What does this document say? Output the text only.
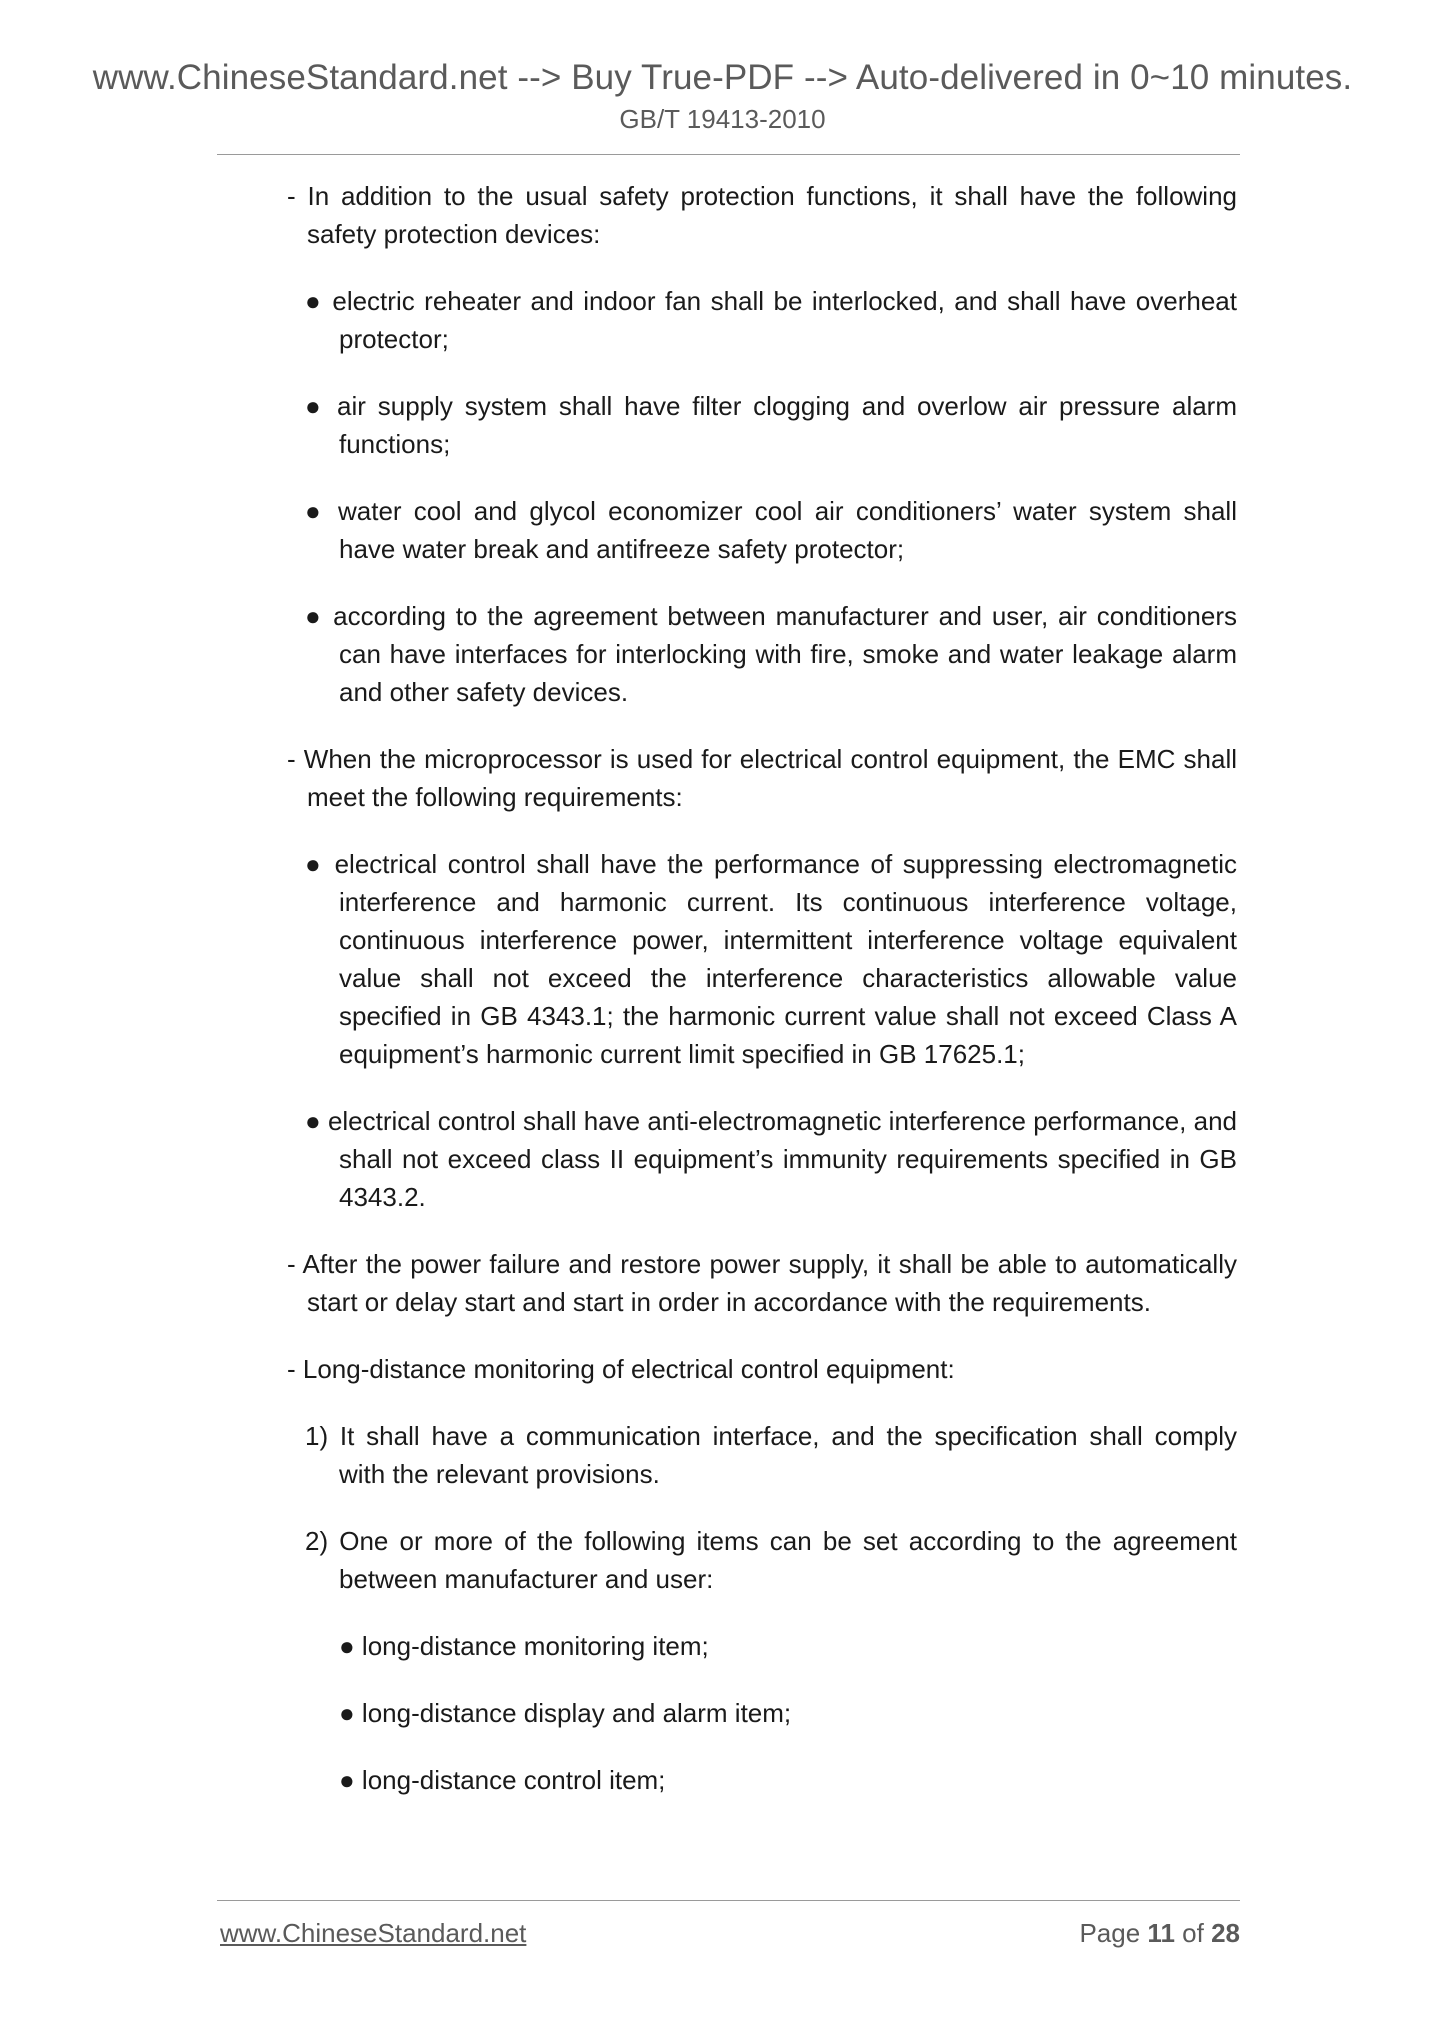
www.ChineseStandard.net --> Buy True-PDF --> Auto-delivered in 0~10 minutes.
GB/T 19413-2010

- In addition to the usual safety protection functions, it shall have the following safety protection devices:

● electric reheater and indoor fan shall be interlocked, and shall have overheat protector;

● air supply system shall have filter clogging and overlow air pressure alarm functions;

● water cool and glycol economizer cool air conditioners’ water system shall have water break and antifreeze safety protector;

● according to the agreement between manufacturer and user, air conditioners can have interfaces for interlocking with fire, smoke and water leakage alarm and other safety devices.

- When the microprocessor is used for electrical control equipment, the EMC shall meet the following requirements:

● electrical control shall have the performance of suppressing electromagnetic interference and harmonic current. Its continuous interference voltage, continuous interference power, intermittent interference voltage equivalent value shall not exceed the interference characteristics allowable value specified in GB 4343.1; the harmonic current value shall not exceed Class A equipment’s harmonic current limit specified in GB 17625.1;

● electrical control shall have anti-electromagnetic interference performance, and shall not exceed class II equipment’s immunity requirements specified in GB 4343.2.

- After the power failure and restore power supply, it shall be able to automatically start or delay start and start in order in accordance with the requirements.

- Long-distance monitoring of electrical control equipment:

1) It shall have a communication interface, and the specification shall comply with the relevant provisions.

2) One or more of the following items can be set according to the agreement between manufacturer and user:

● long-distance monitoring item;

● long-distance display and alarm item;

● long-distance control item;

www.ChineseStandard.net	Page 11 of 28
